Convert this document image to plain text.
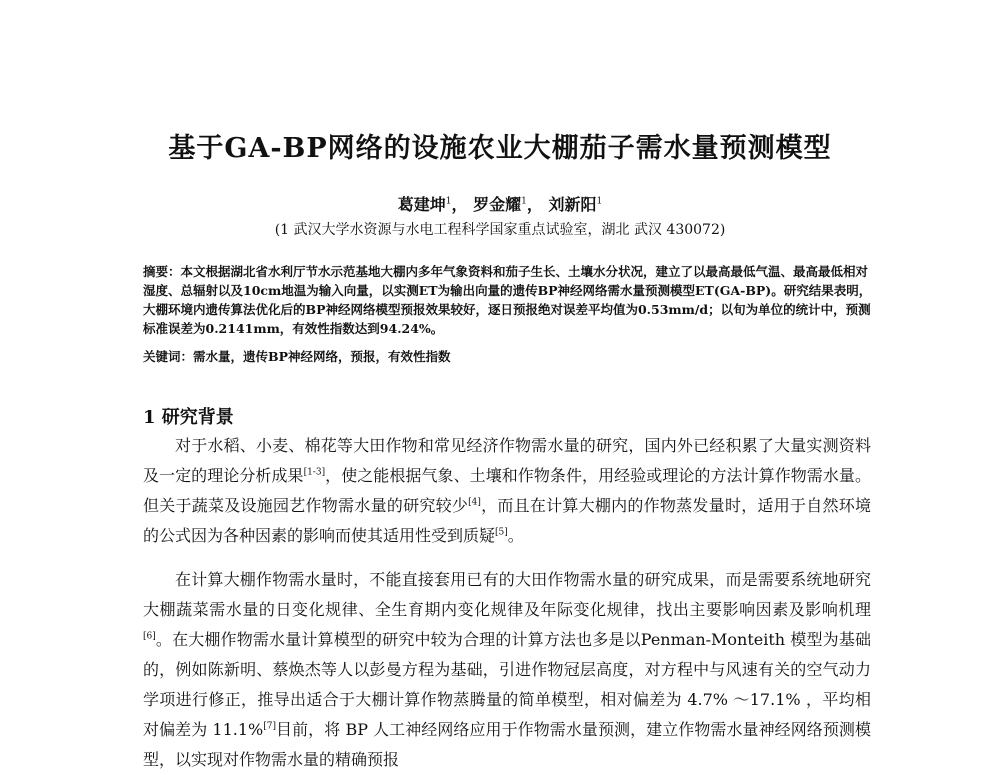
基于GA-BP网络的设施农业大棚茄子需水量预测模型
葛建坤$^1$， 罗金耀$^1$， 刘新阳$^1$
(1 武汉大学水资源与水电工程科学国家重点试验室，湖北 武汉 430072)
摘要：本文根据湖北省水利厅节水示范基地大棚内多年气象资料和茄子生长、土壤水分状况，建立了以最高最低气温、最高最低相对湿度、总辐射以及10cm地温为输入向量，以实测ET为输出向量的遗传BP神经网络需水量预测模型ET(GA-BP)。研究结果表明，大棚环境内遗传算法优化后的BP神经网络模型预报效果较好，逐日预报绝对误差平均值为0.53mm/d；以旬为单位的统计中，预测标准误差为0.2141mm，有效性指数达到94.24%。
关键词：需水量，遗传BP神经网络，预报，有效性指数
1 研究背景

对于水稻、小麦、棉花等大田作物和常见经济作物需水量的研究，国内外已经积累了大量实测资料及一定的理论分析成果[1-3]，使之能根据气象、土壤和作物条件，用经验或理论的方法计算作物需水量。但关于蔬菜及设施园艺作物需水量的研究较少[4]，而且在计算大棚内的作物蒸发量时，适用于自然环境的公式因为各种因素的影响而使其适用性受到质疑[5]。

在计算大棚作物需水量时，不能直接套用已有的大田作物需水量的研究成果，而是需要系统地研究大棚蔬菜需水量的日变化规律、全生育期内变化规律及年际变化规律，找出主要影响因素及影响机理[6]。在大棚作物需水量计算模型的研究中较为合理的计算方法也多是以Penman-Monteith 模型为基础的，例如陈新明、蔡焕杰等人以彭曼方程为基础，引进作物冠层高度，对方程中与风速有关的空气动力学项进行修正，推导出适合于大棚计算作物蒸腾量的简单模型，相对偏差为 4.7% ～17.1% ，平均相对偏差为 11.1%[7]目前，将 BP 人工神经网络应用于作物需水量预测，建立作物需水量神经网络预测模型，以实现对作物需水量的精确预报
